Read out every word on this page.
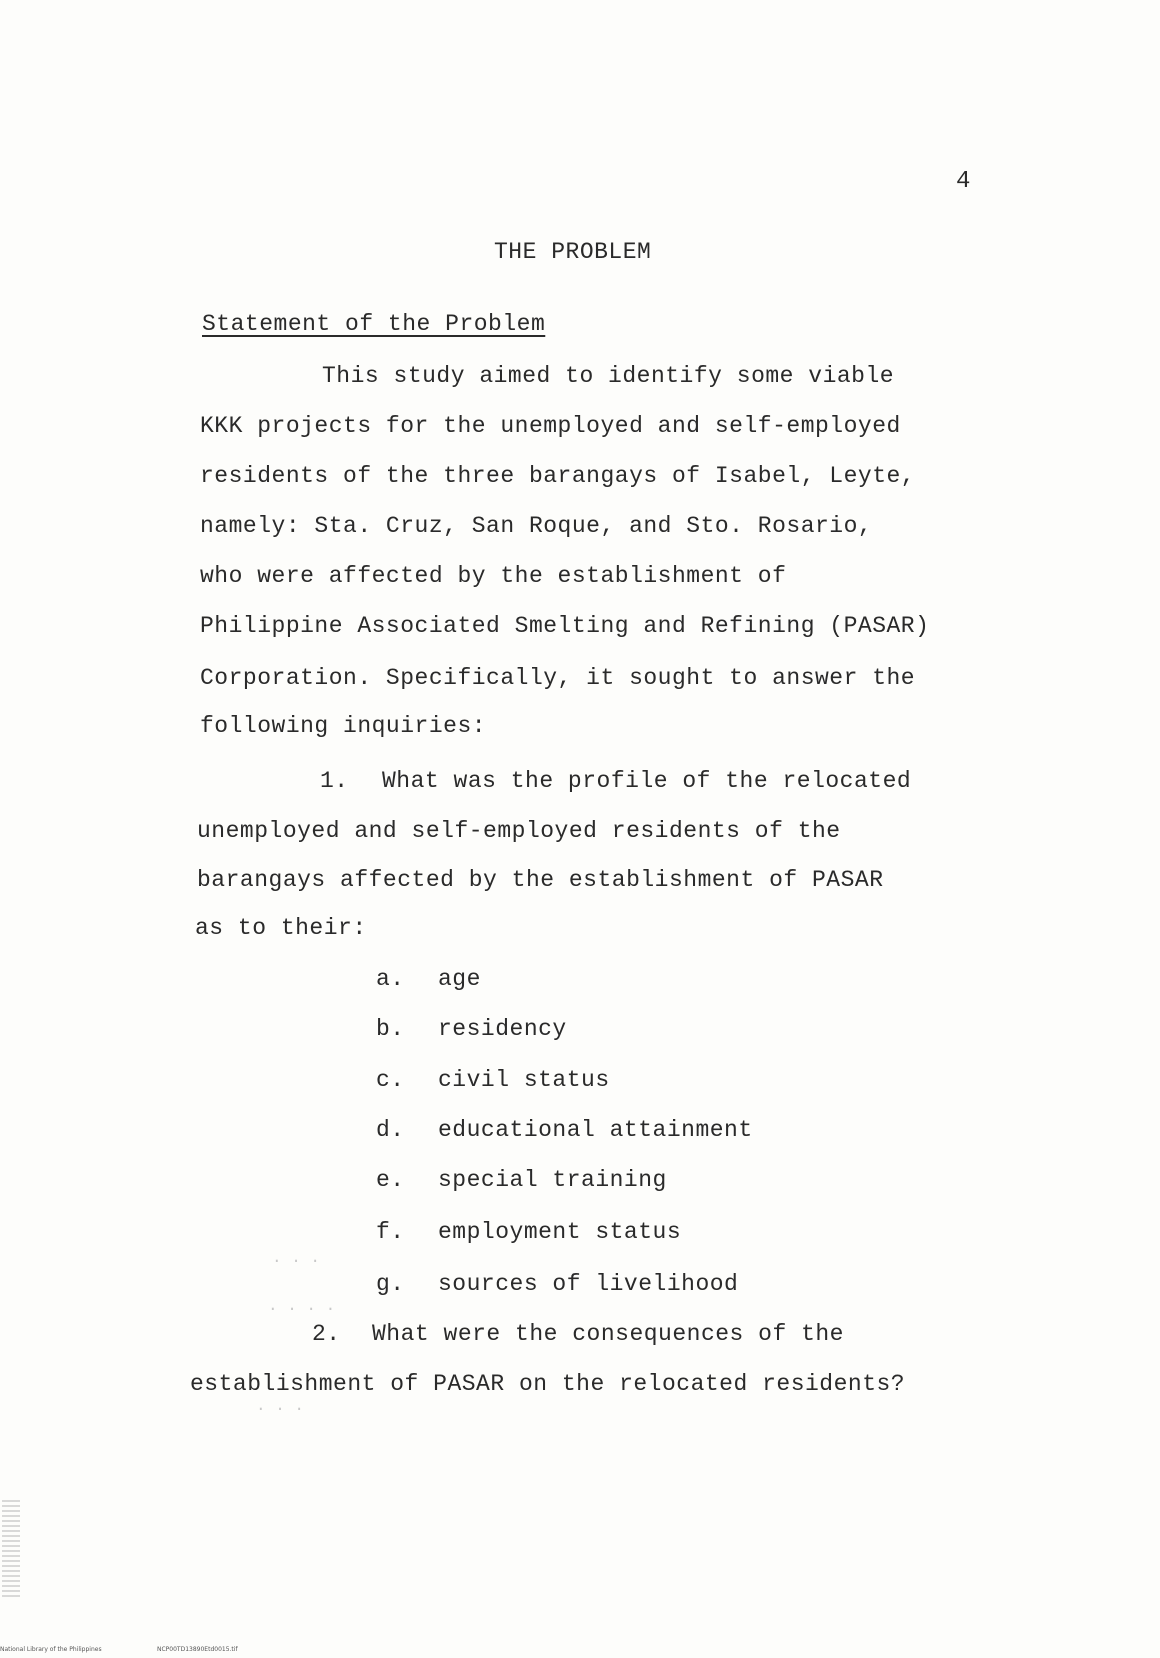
4
THE PROBLEM
Statement of the Problem
This study aimed to identify some viable
KKK projects for the unemployed and self-employed
residents of the three barangays of Isabel, Leyte,
namely: Sta. Cruz, San Roque, and Sto. Rosario,
who were affected by the establishment of
Philippine Associated Smelting and Refining (PASAR)
Corporation. Specifically, it sought to answer the
following inquiries:
1. What was the profile of the relocated
unemployed and self-employed residents of the
barangays affected by the establishment of PASAR
as to their:
a. age
b. residency
c. civil status
d. educational attainment
e. special training
f. employment status
g. sources of livelihood
2. What were the consequences of the
establishment of PASAR on the relocated residents?
· · ·
· · · ·
· · ·
National Library of the Philippines	NCP00TD13890Etd0015.tif
